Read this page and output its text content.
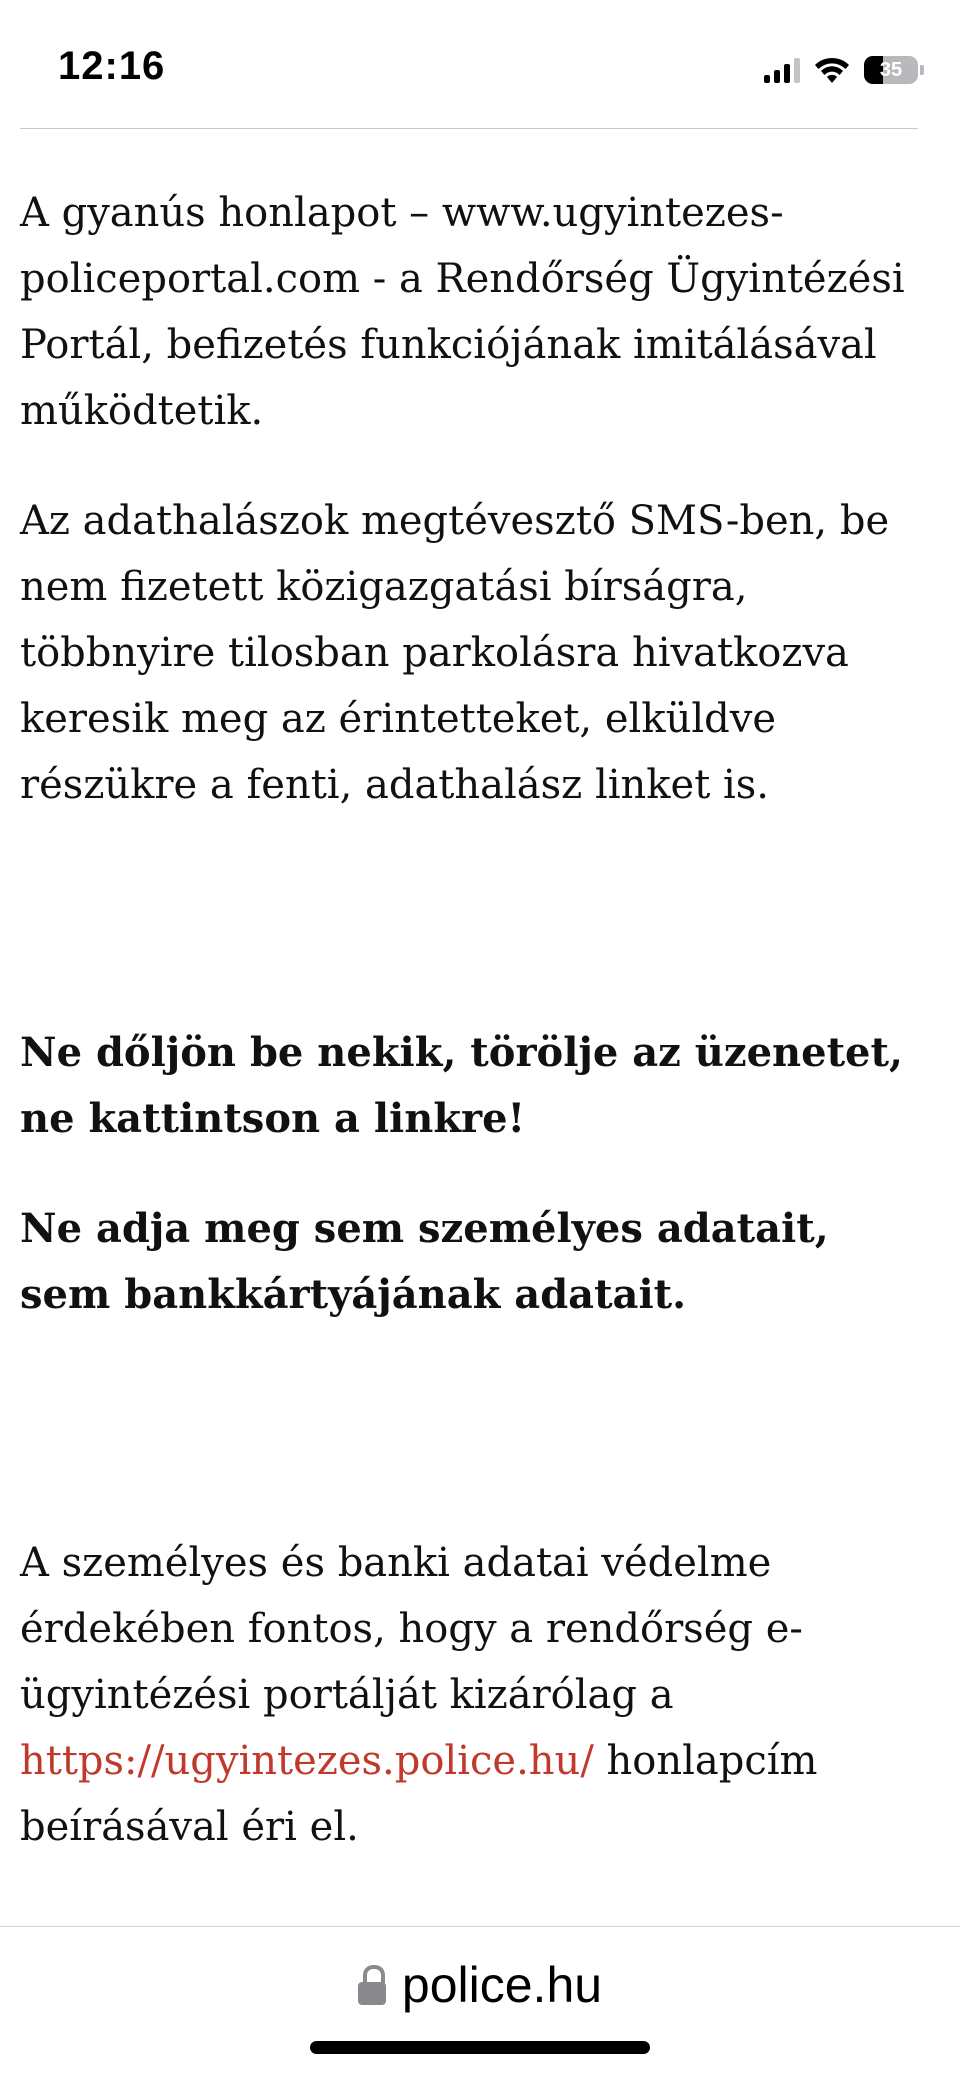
12:16	35

A gyanús honlapot – www.ugyintezes-policeportal.com - a Rendőrség Ügyintézési Portál, befizetés funkciójának imitálásával működtetik.

Az adathalászok megtévesztő SMS-ben, be nem fizetett közigazgatási bírságra, többnyire tilosban parkolásra hivatkozva keresik meg az érintetteket, elküldve részükre a fenti, adathalász linket is.

Ne dőljön be nekik, törölje az üzenetet, ne kattintson a linkre!

Ne adja meg sem személyes adatait, sem bankkártyájának adatait.

A személyes és banki adatai védelme érdekében fontos, hogy a rendőrség e-ügyintézési portálját kizárólag a https://ugyintezes.police.hu/ honlapcím beírásával éri el.

police.hu
